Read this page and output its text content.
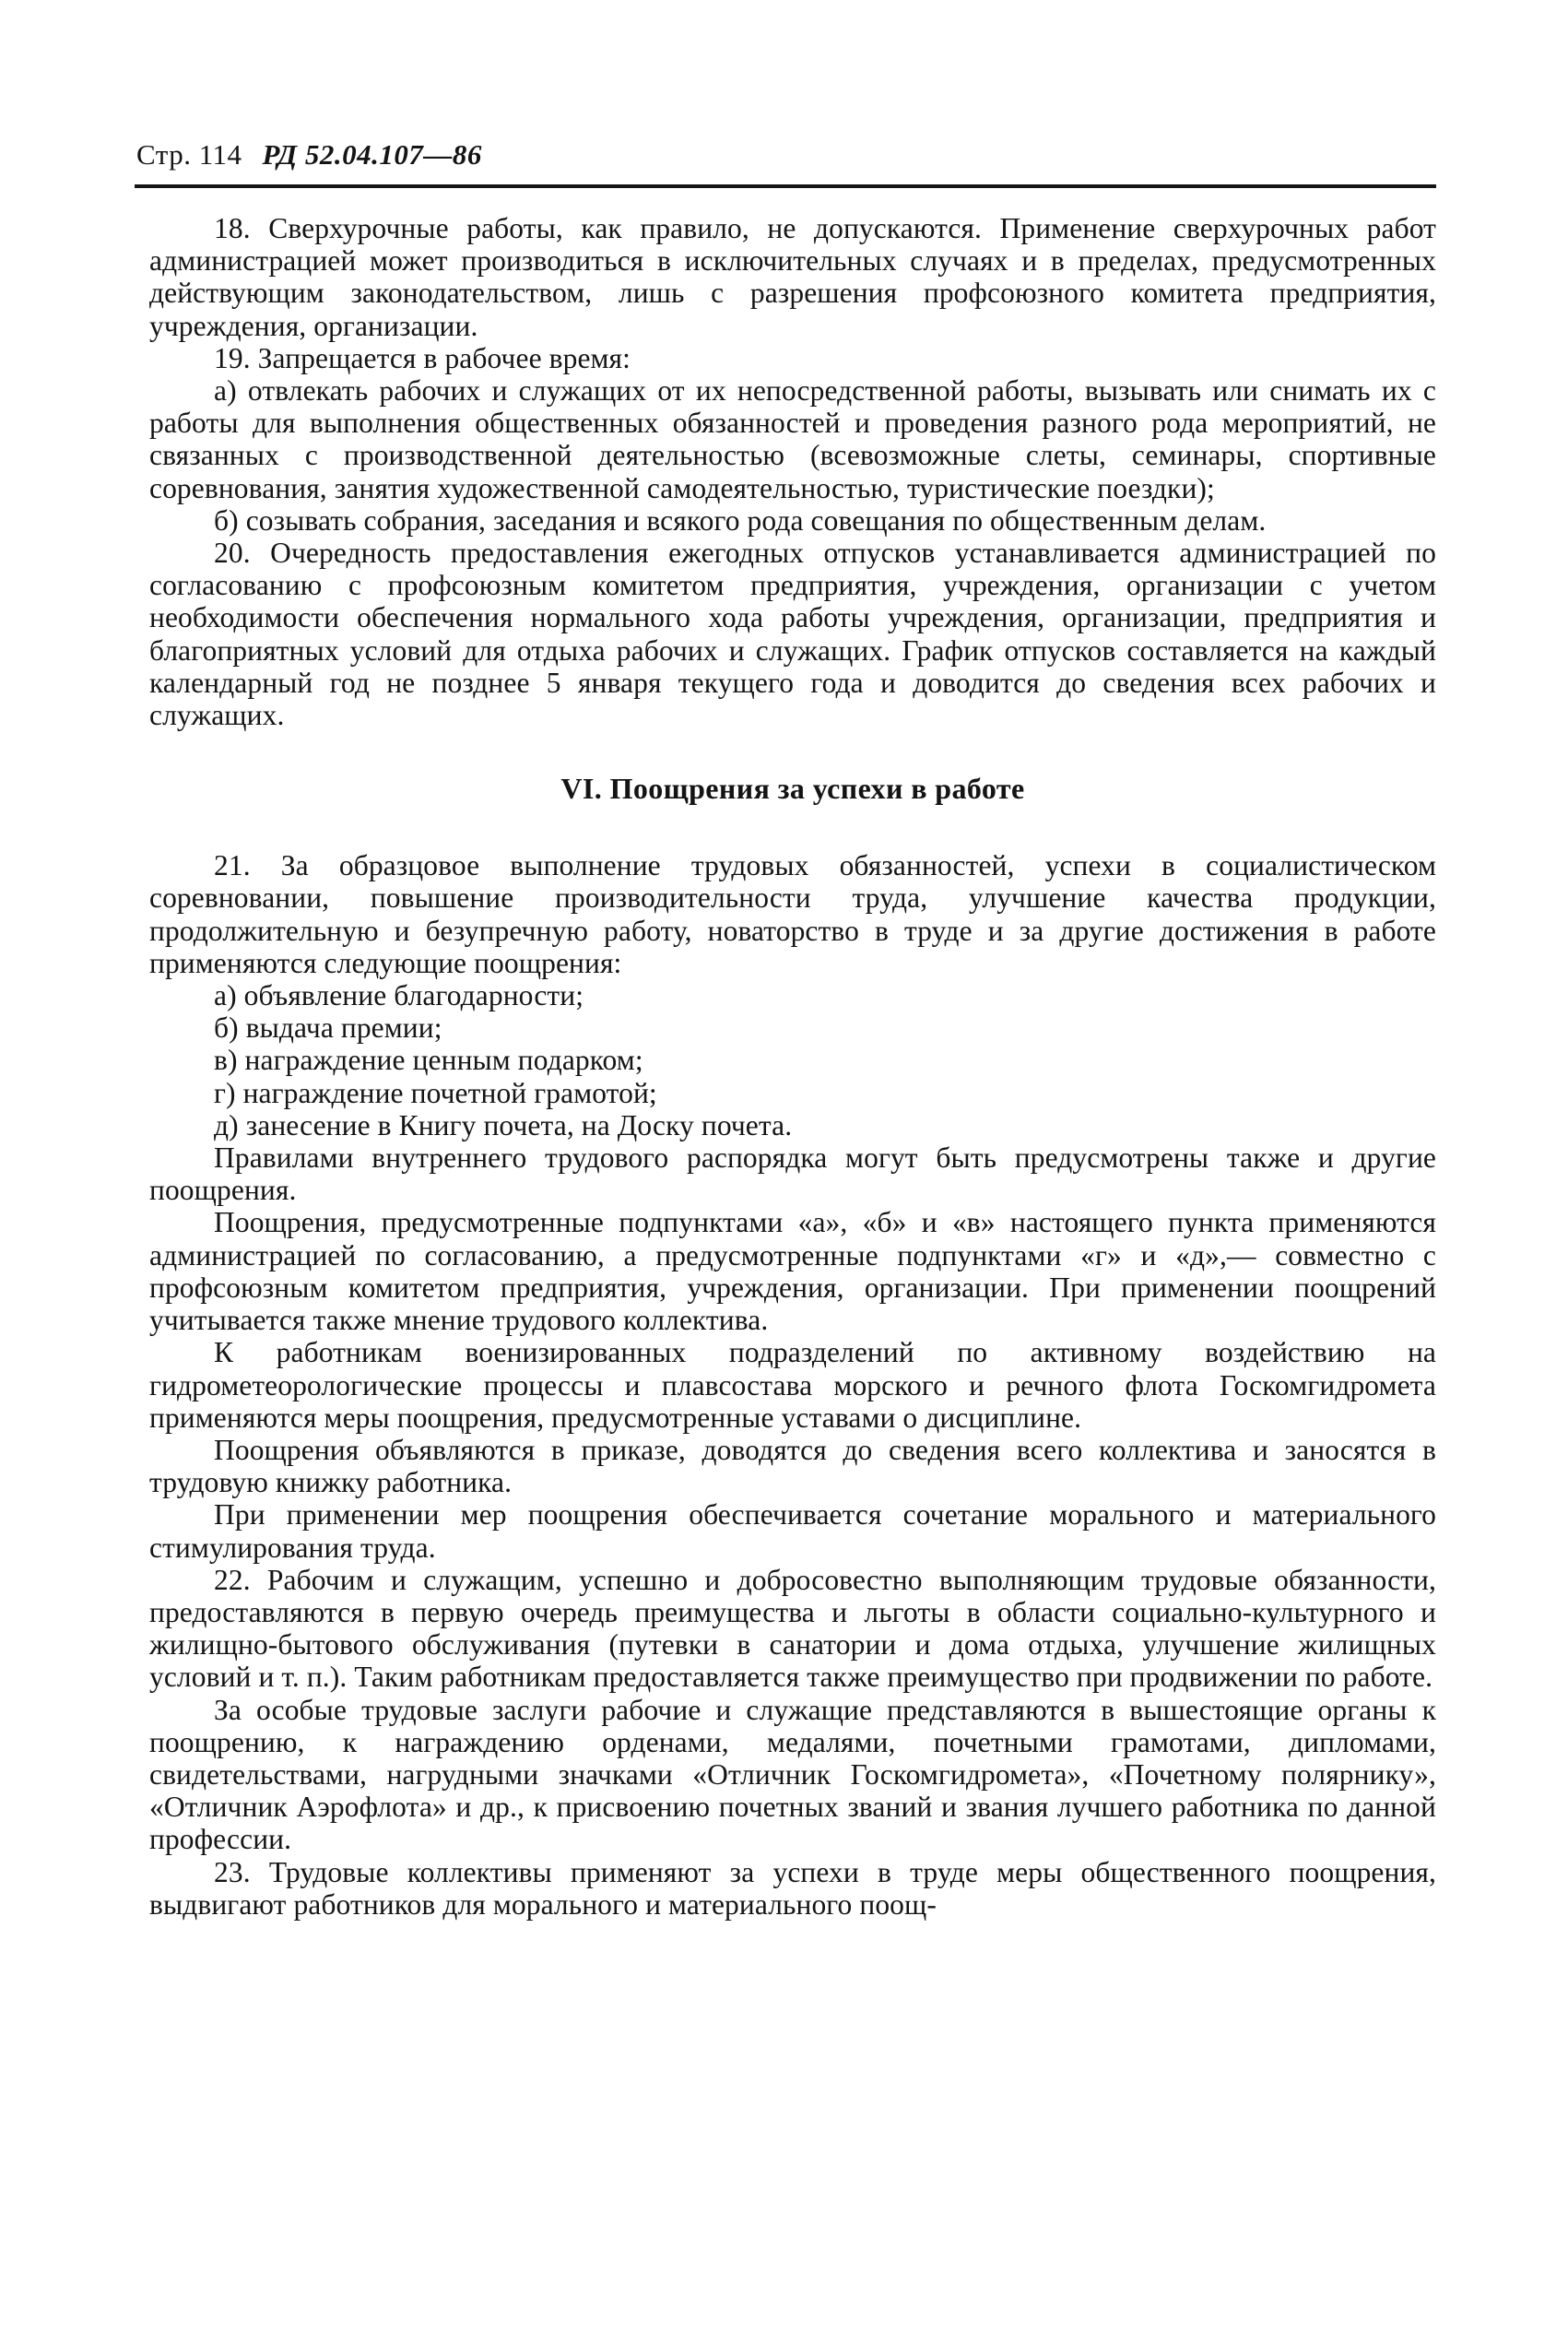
Стр. 114 РД 52.04.107—86

18. Сверхурочные работы, как правило, не допускаются. Применение сверхурочных работ администрацией может производиться в исключительных случаях и в пределах, предусмотренных действующим законодательством, лишь с разрешения профсоюзного комитета предприятия, учреждения, организации.

19. Запрещается в рабочее время:

а) отвлекать рабочих и служащих от их непосредственной работы, вызывать или снимать их с работы для выполнения общественных обязанностей и проведения разного рода мероприятий, не связанных с производственной деятельностью (всевозможные слеты, семинары, спортивные соревнования, занятия художественной самодеятельностью, туристические поездки);

б) созывать собрания, заседания и всякого рода совещания по общественным делам.

20. Очередность предоставления ежегодных отпусков устанавливается администрацией по согласованию с профсоюзным комитетом предприятия, учреждения, организации с учетом необходимости обеспечения нормального хода работы учреждения, организации, предприятия и благоприятных условий для отдыха рабочих и служащих. График отпусков составляется на каждый календарный год не позднее 5 января текущего года и доводится до сведения всех рабочих и служащих.

VI. Поощрения за успехи в работе

21. За образцовое выполнение трудовых обязанностей, успехи в социалистическом соревновании, повышение производительности труда, улучшение качества продукции, продолжительную и безупречную работу, новаторство в труде и за другие достижения в работе применяются следующие поощрения:

а) объявление благодарности;

б) выдача премии;

в) награждение ценным подарком;

г) награждение почетной грамотой;

д) занесение в Книгу почета, на Доску почета.

Правилами внутреннего трудового распорядка могут быть предусмотрены также и другие поощрения.

Поощрения, предусмотренные подпунктами «а», «б» и «в» настоящего пункта применяются администрацией по согласованию, а предусмотренные подпунктами «г» и «д»,— совместно с профсоюзным комитетом предприятия, учреждения, организации. При применении поощрений учитывается также мнение трудового коллектива.

К работникам военизированных подразделений по активному воздействию на гидрометеорологические процессы и плавсостава морского и речного флота Госкомгидромета применяются меры поощрения, предусмотренные уставами о дисциплине.

Поощрения объявляются в приказе, доводятся до сведения всего коллектива и заносятся в трудовую книжку работника.

При применении мер поощрения обеспечивается сочетание морального и материального стимулирования труда.

22. Рабочим и служащим, успешно и добросовестно выполняющим трудовые обязанности, предоставляются в первую очередь преимущества и льготы в области социально-культурного и жилищно-бытового обслуживания (путевки в санатории и дома отдыха, улучшение жилищных условий и т. п.). Таким работникам предоставляется также преимущество при продвижении по работе.

За особые трудовые заслуги рабочие и служащие представляются в вышестоящие органы к поощрению, к награждению орденами, медалями, почетными грамотами, дипломами, свидетельствами, нагрудными значками «Отличник Госкомгидромета», «Почетному полярнику», «Отличник Аэрофлота» и др., к присвоению почетных званий и звания лучшего работника по данной профессии.

23. Трудовые коллективы применяют за успехи в труде меры общественного поощрения, выдвигают работников для морального и материального поощ-
